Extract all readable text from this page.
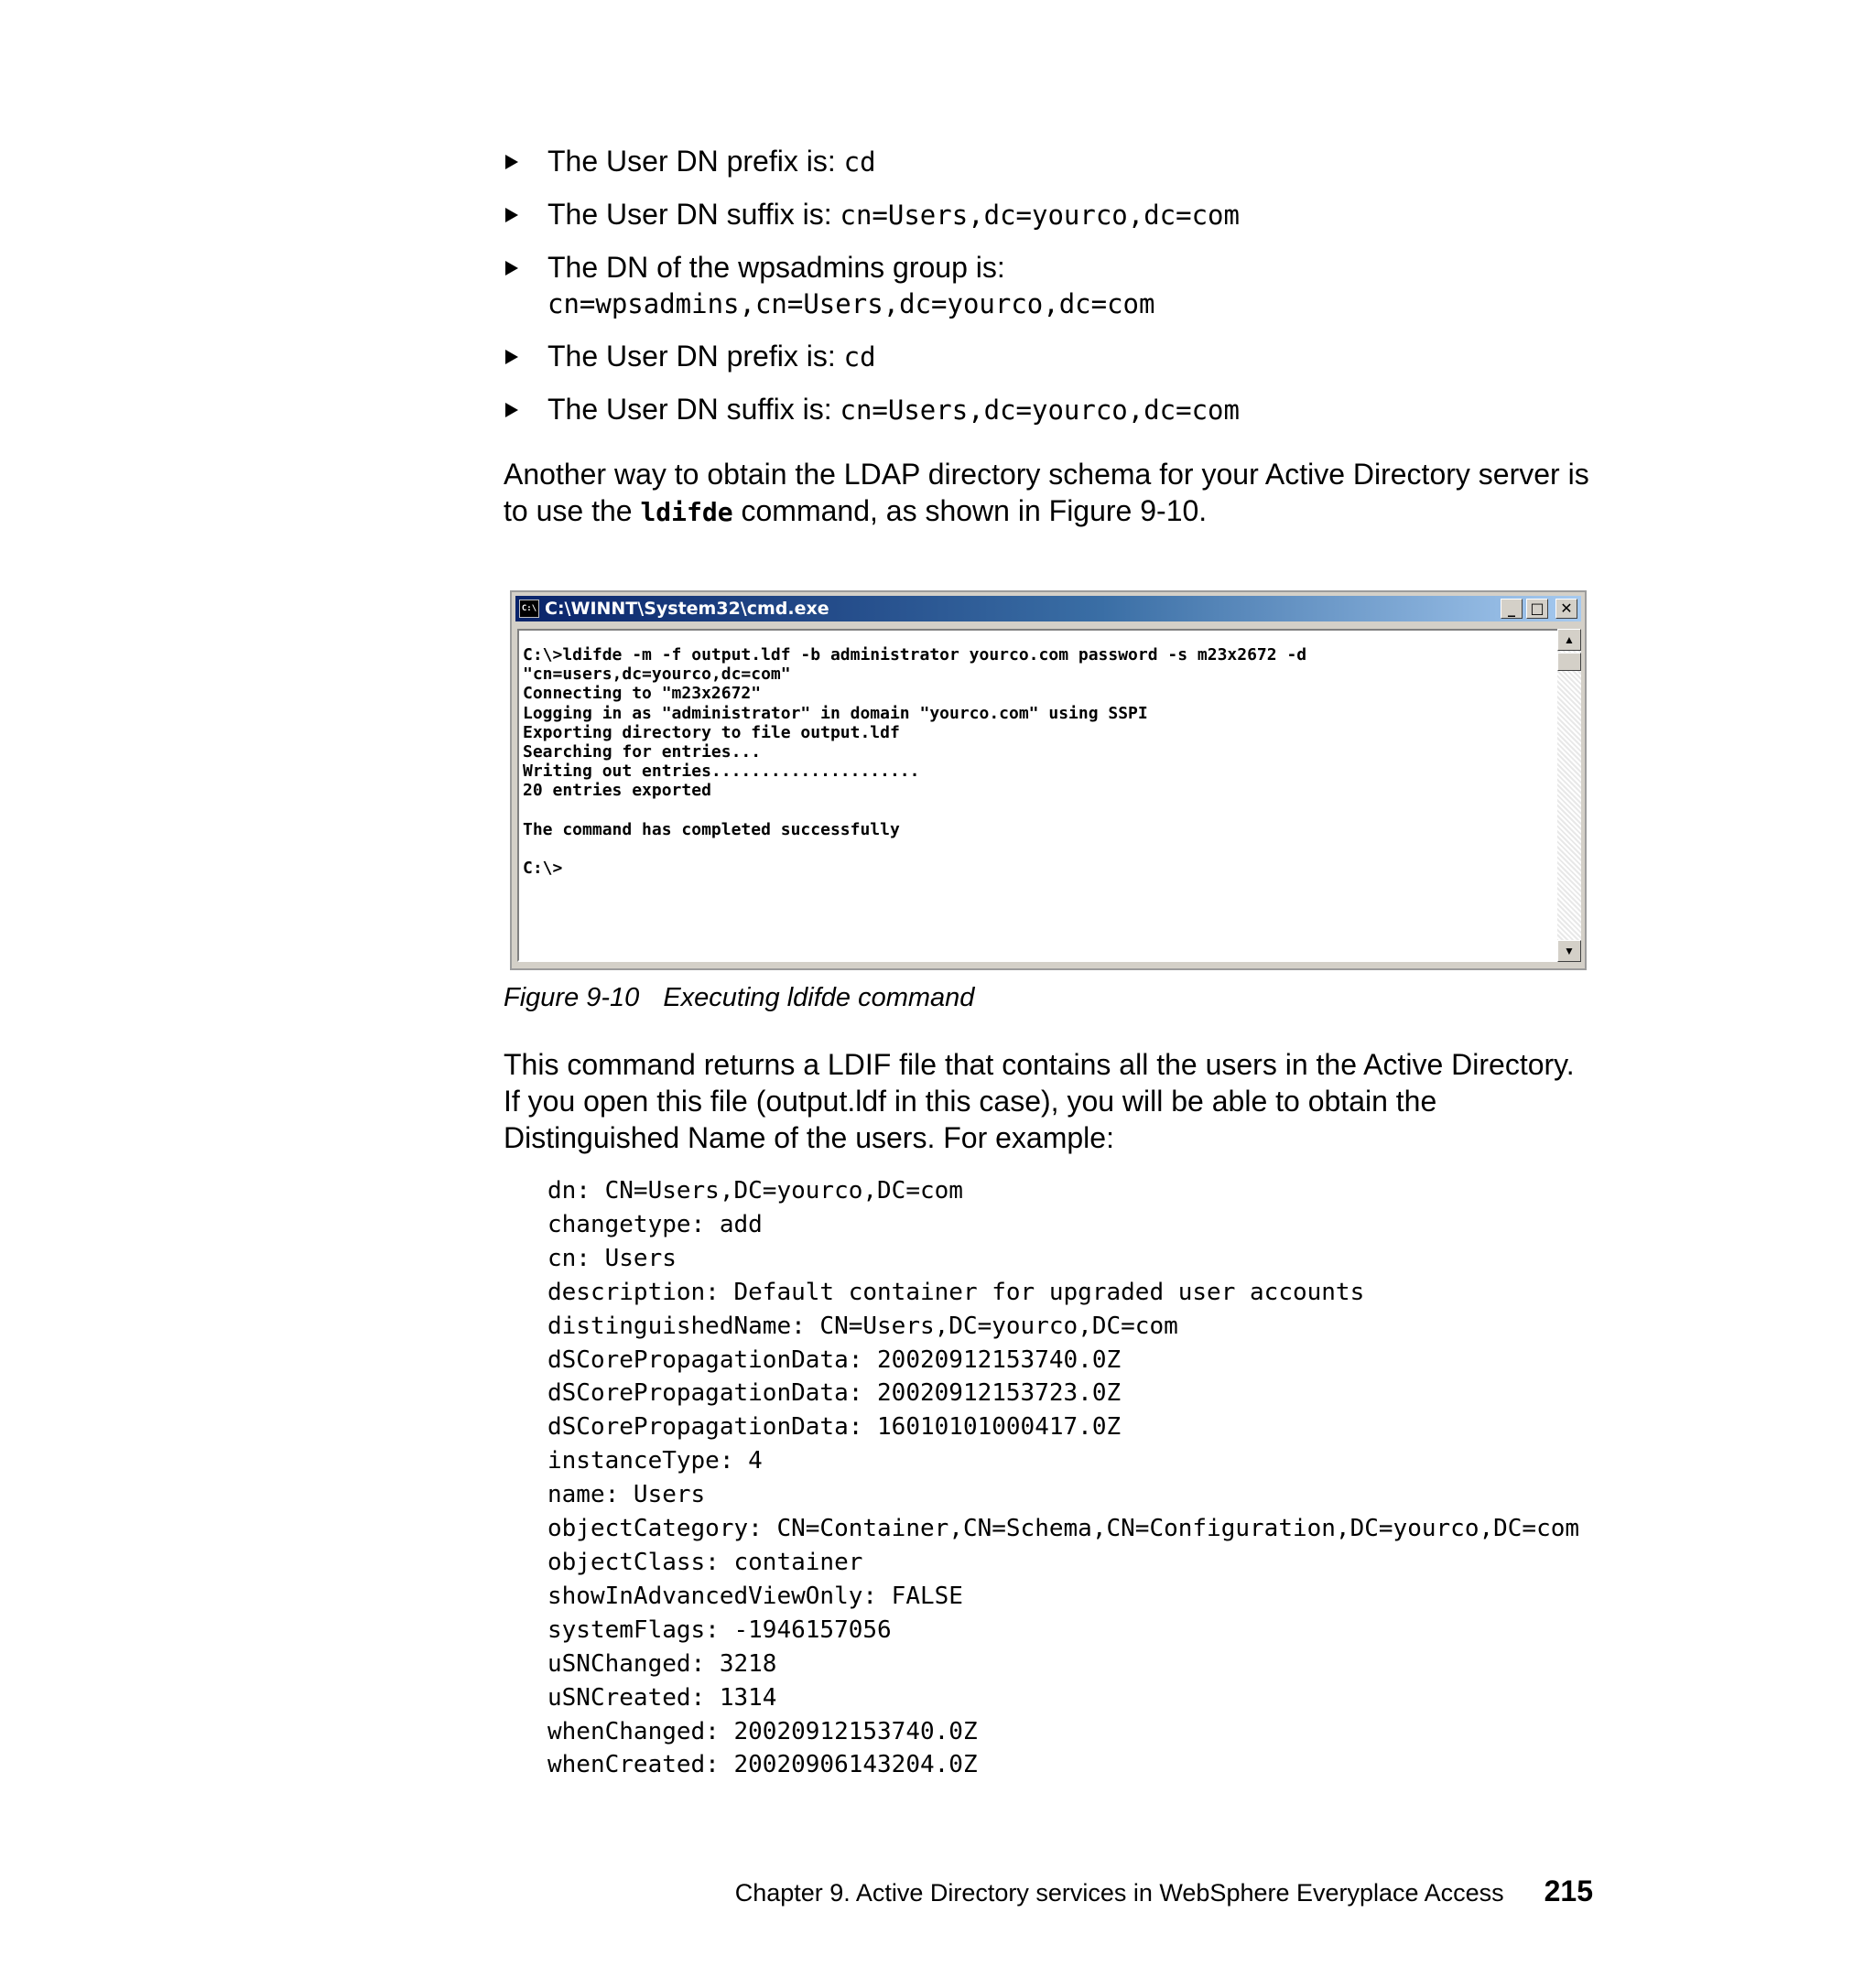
The User DN prefix is: cd
The User DN suffix is: cn=Users,dc=yourco,dc=com
The DN of the wpsadmins group is:
cn=wpsadmins,cn=Users,dc=yourco,dc=com
The User DN prefix is: cd
The User DN suffix is: cn=Users,dc=yourco,dc=com

Another way to obtain the LDAP directory schema for your Active Directory server is to use the ldifde command, as shown in Figure 9-10.

C:\ C:\WINNT\System32\cmd.exe	_	□	✕
C:\>ldifde -m -f output.ldf -b administrator yourco.com password -s m23x2672 -d
"cn=users,dc=yourco,dc=com"
Connecting to "m23x2672"
Logging in as "administrator" in domain "yourco.com" using SSPI
Exporting directory to file output.ldf
Searching for entries...
Writing out entries.....................
20 entries exported

The command has completed successfully

C:\>
▲
▼
Figure 9-10 Executing ldifde command

This command returns a LDIF file that contains all the users in the Active Directory. If you open this file (output.ldf in this case), you will be able to obtain the Distinguished Name of the users. For example:

dn: CN=Users,DC=yourco,DC=com
changetype: add
cn: Users
description: Default container for upgraded user accounts
distinguishedName: CN=Users,DC=yourco,DC=com
dSCorePropagationData: 20020912153740.0Z
dSCorePropagationData: 20020912153723.0Z
dSCorePropagationData: 16010101000417.0Z
instanceType: 4
name: Users
objectCategory: CN=Container,CN=Schema,CN=Configuration,DC=yourco,DC=com
objectClass: container
showInAdvancedViewOnly: FALSE
systemFlags: -1946157056
uSNChanged: 3218
uSNCreated: 1314
whenChanged: 20020912153740.0Z
whenCreated: 20020906143204.0Z
Chapter 9. Active Directory services in WebSphere Everyplace Access 215
